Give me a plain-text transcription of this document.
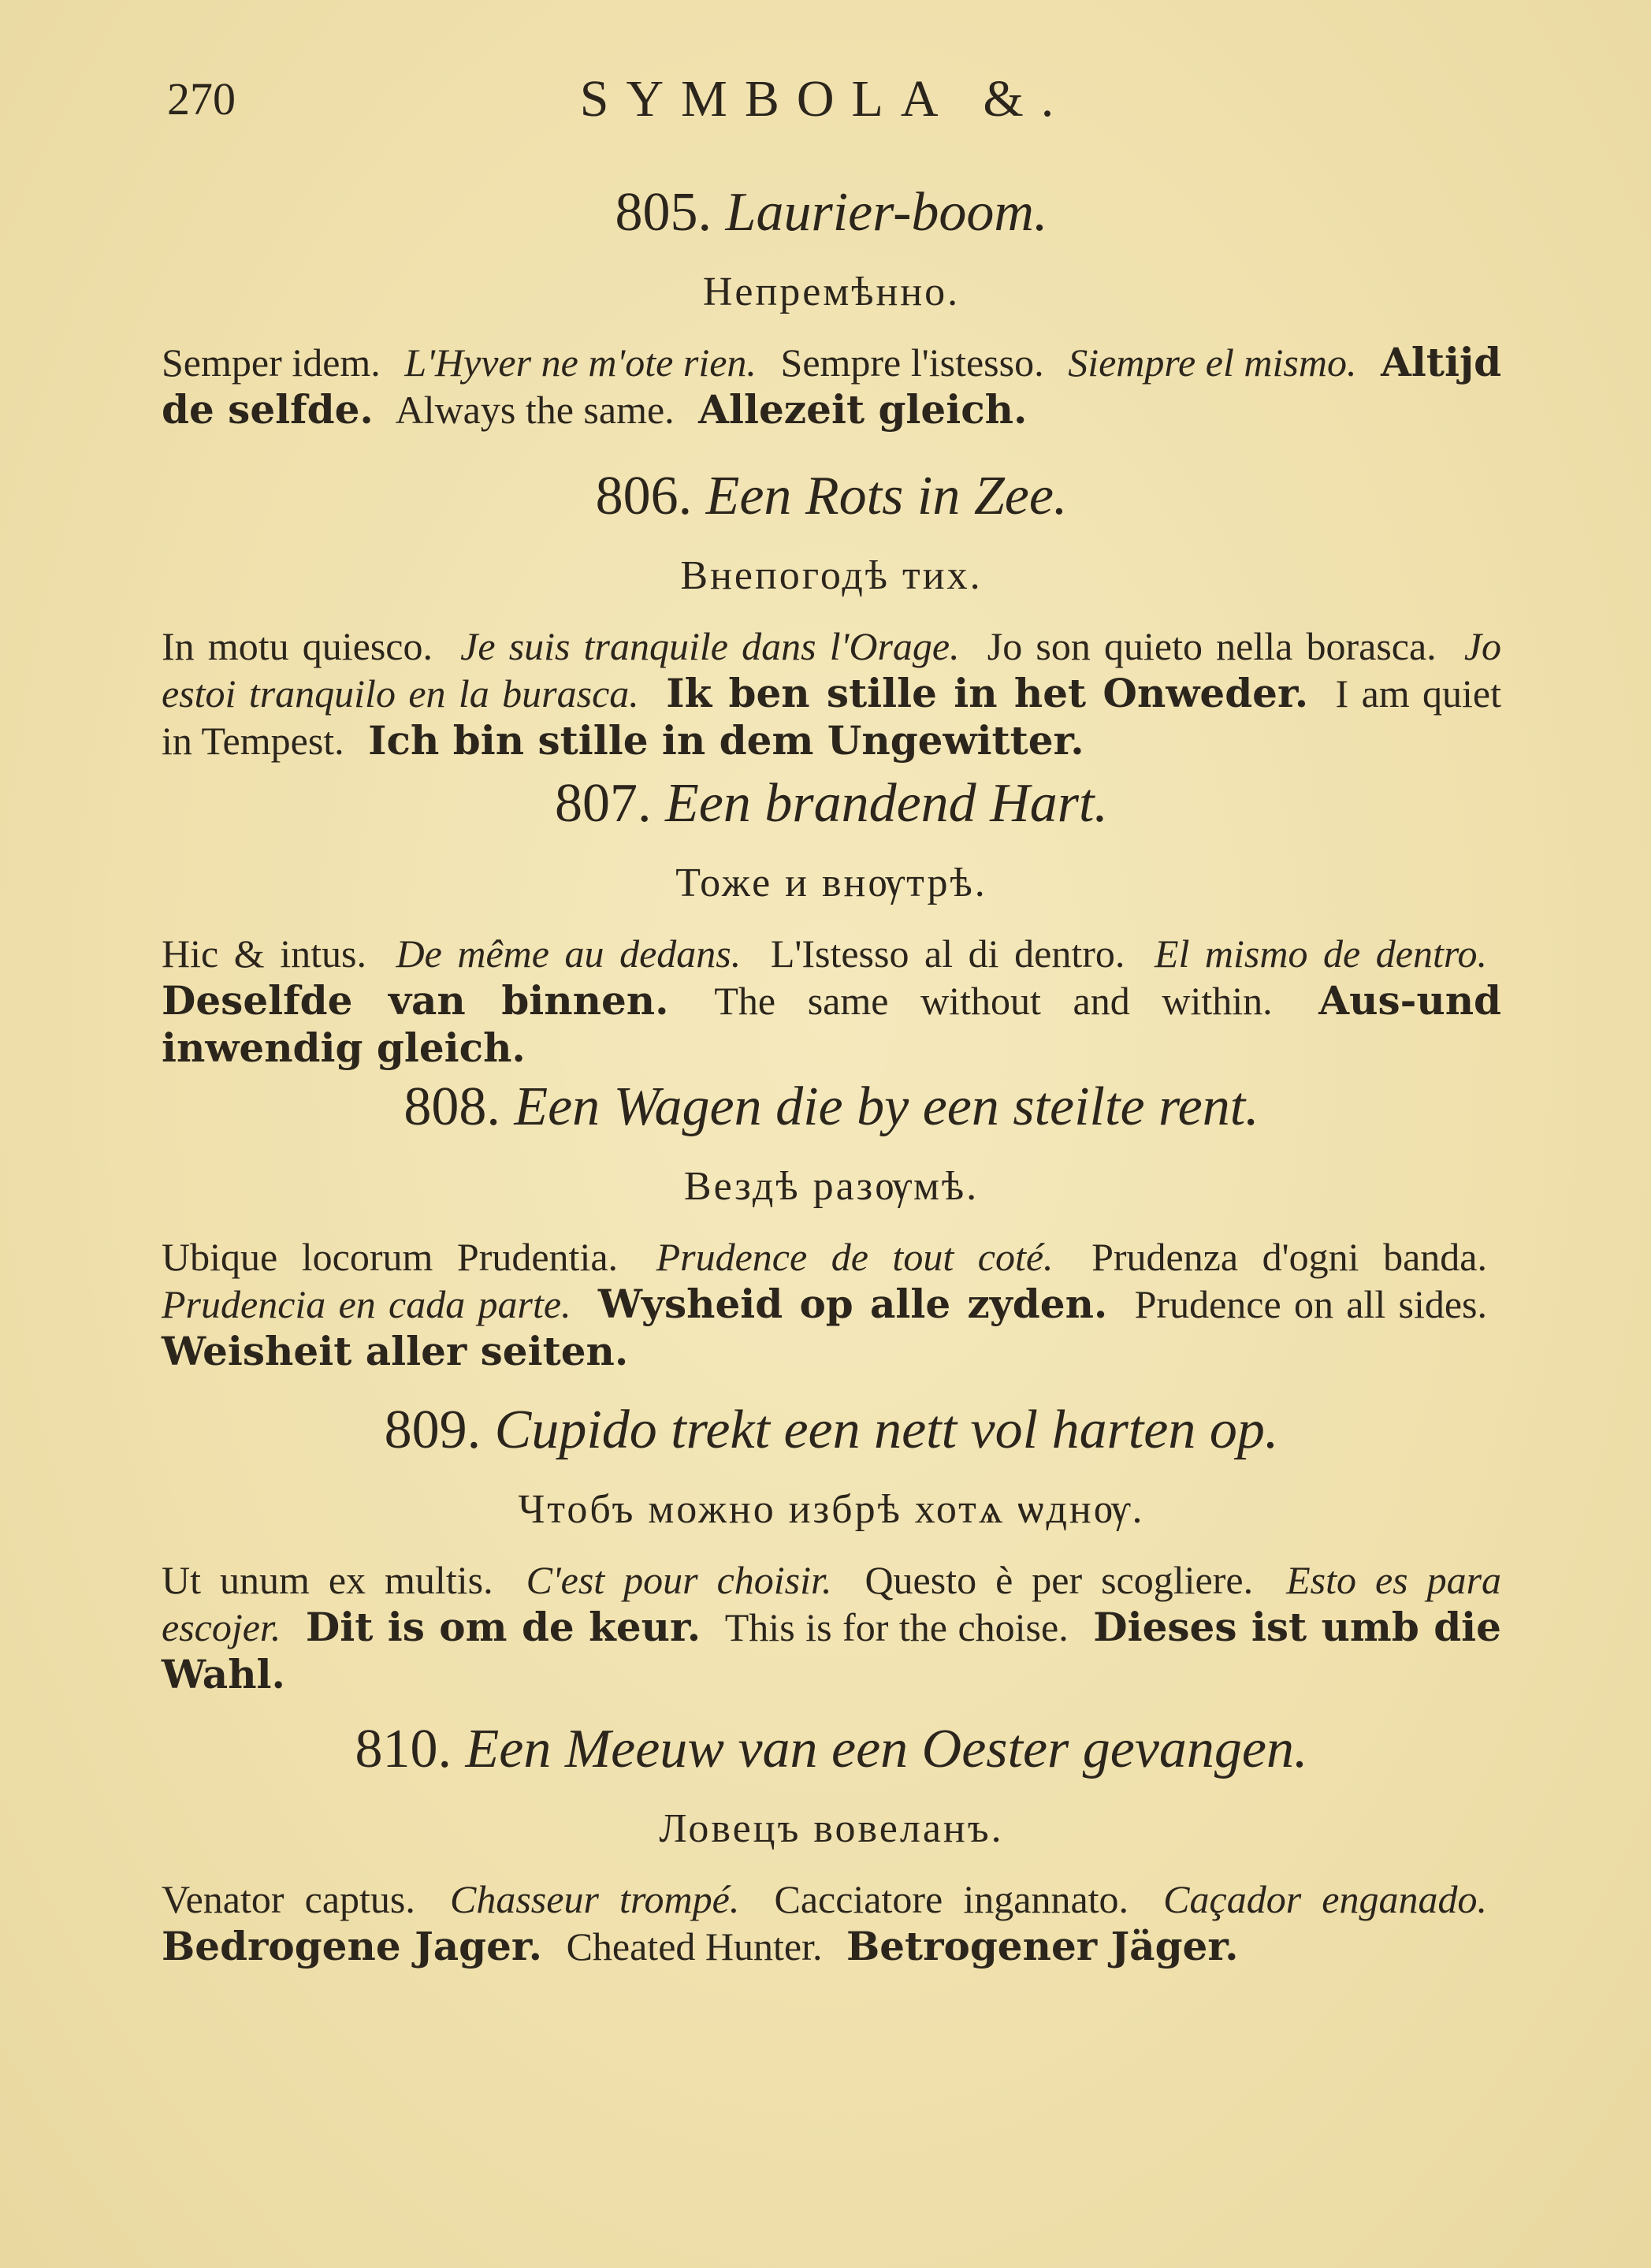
270	SYMBOLA &.
805. Laurier-boom.
Непремѣнно.
Semper idem. L'Hyver ne m'ote rien. Sempre l'istesso. Siempre el mismo. Altijd de selfde. Always the same. Allezeit gleich.
806. Een Rots in Zee.
Внепогодѣ тих.
In motu quiesco. Je suis tranquile dans l'Orage. Jo son quieto nella borasca. Jo estoi tranquilo en la burasca. Ik ben stille in het Onweder. I am quiet in Tempest. Ich bin stille in dem Ungewitter.
807. Een brandend Hart.
Тоже и внѹтрѣ.
Hic & intus. De même au dedans. L'Istesso al di dentro. El mismo de dentro. Deselfde van binnen. The same without and within. Aus-und inwendig gleich.
808. Een Wagen die by een steilte rent.
Вездѣ разѹмѣ.
Ubique locorum Prudentia. Prudence de tout coté. Prudenza d'ogni banda. Prudencia en cada parte. Wysheid op alle zyden. Prudence on all sides. Weisheit aller seiten.
809. Cupido trekt een nett vol harten op.
Чтобъ можно избрѣ хотѧ ѡднѹ.
Ut unum ex multis. C'est pour choisir. Questo è per scogliere. Esto es para escojer. Dit is om de keur. This is for the choise. Dieses ist umb die Wahl.
810. Een Meeuw van een Oester gevangen.
Ловецъ вовеланъ.
Venator captus. Chasseur trompé. Cacciatore ingannato. Caçador enganado. Bedrogene Jager. Cheated Hunter. Betrogener Jäger.
